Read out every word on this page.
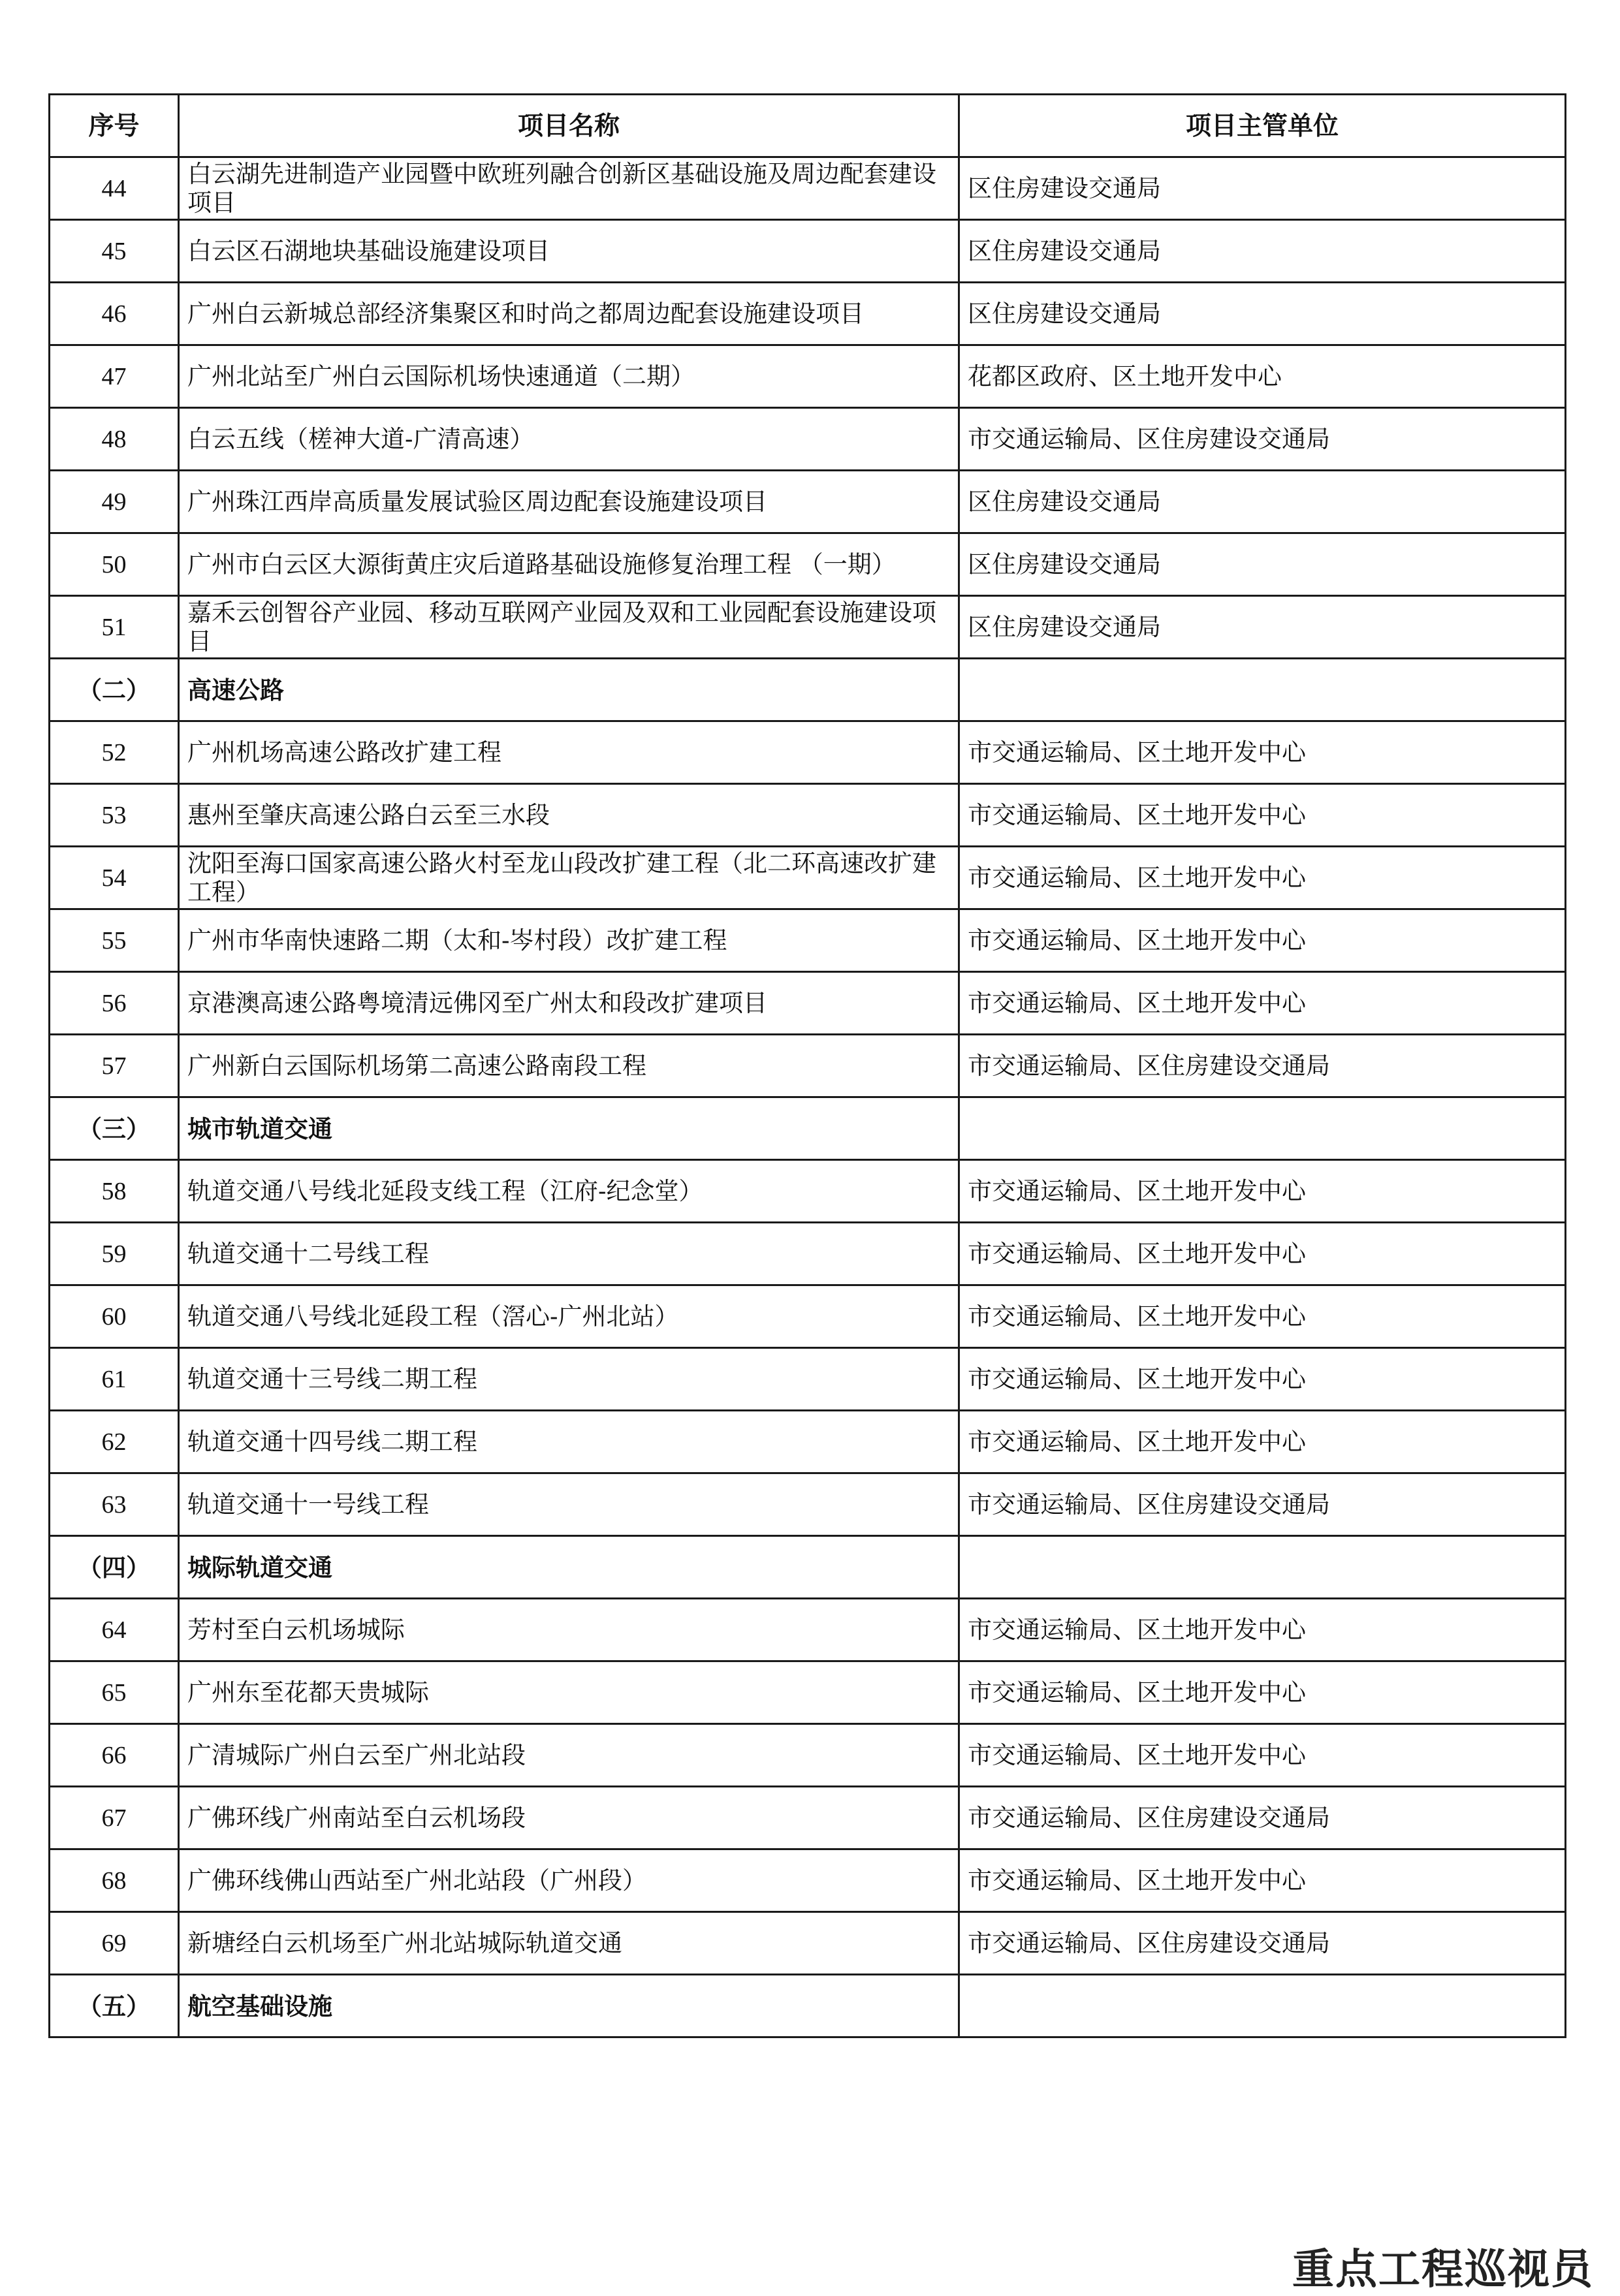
序号	项目名称	项目主管单位
44	白云湖先进制造产业园暨中欧班列融合创新区基础设施及周边配套建设项目	区住房建设交通局
45	白云区石湖地块基础设施建设项目	区住房建设交通局
46	广州白云新城总部经济集聚区和时尚之都周边配套设施建设项目	区住房建设交通局
47	广州北站至广州白云国际机场快速通道（二期）	花都区政府、区土地开发中心
48	白云五线（槎神大道-广清高速）	市交通运输局、区住房建设交通局
49	广州珠江西岸高质量发展试验区周边配套设施建设项目	区住房建设交通局
50	广州市白云区大源街黄庄灾后道路基础设施修复治理工程 （一期）	区住房建设交通局
51	嘉禾云创智谷产业园、移动互联网产业园及双和工业园配套设施建设项目	区住房建设交通局
（二）	高速公路	
52	广州机场高速公路改扩建工程	市交通运输局、区土地开发中心
53	惠州至肇庆高速公路白云至三水段	市交通运输局、区土地开发中心
54	沈阳至海口国家高速公路火村至龙山段改扩建工程（北二环高速改扩建工程）	市交通运输局、区土地开发中心
55	广州市华南快速路二期（太和-岑村段）改扩建工程	市交通运输局、区土地开发中心
56	京港澳高速公路粤境清远佛冈至广州太和段改扩建项目	市交通运输局、区土地开发中心
57	广州新白云国际机场第二高速公路南段工程	市交通运输局、区住房建设交通局
（三）	城市轨道交通	
58	轨道交通八号线北延段支线工程（江府-纪念堂）	市交通运输局、区土地开发中心
59	轨道交通十二号线工程	市交通运输局、区土地开发中心
60	轨道交通八号线北延段工程（滘心-广州北站）	市交通运输局、区土地开发中心
61	轨道交通十三号线二期工程	市交通运输局、区土地开发中心
62	轨道交通十四号线二期工程	市交通运输局、区土地开发中心
63	轨道交通十一号线工程	市交通运输局、区住房建设交通局
（四）	城际轨道交通	
64	芳村至白云机场城际	市交通运输局、区土地开发中心
65	广州东至花都天贵城际	市交通运输局、区土地开发中心
66	广清城际广州白云至广州北站段	市交通运输局、区土地开发中心
67	广佛环线广州南站至白云机场段	市交通运输局、区住房建设交通局
68	广佛环线佛山西站至广州北站段（广州段）	市交通运输局、区土地开发中心
69	新塘经白云机场至广州北站城际轨道交通	市交通运输局、区住房建设交通局
（五）	航空基础设施	
重点工程巡视员
